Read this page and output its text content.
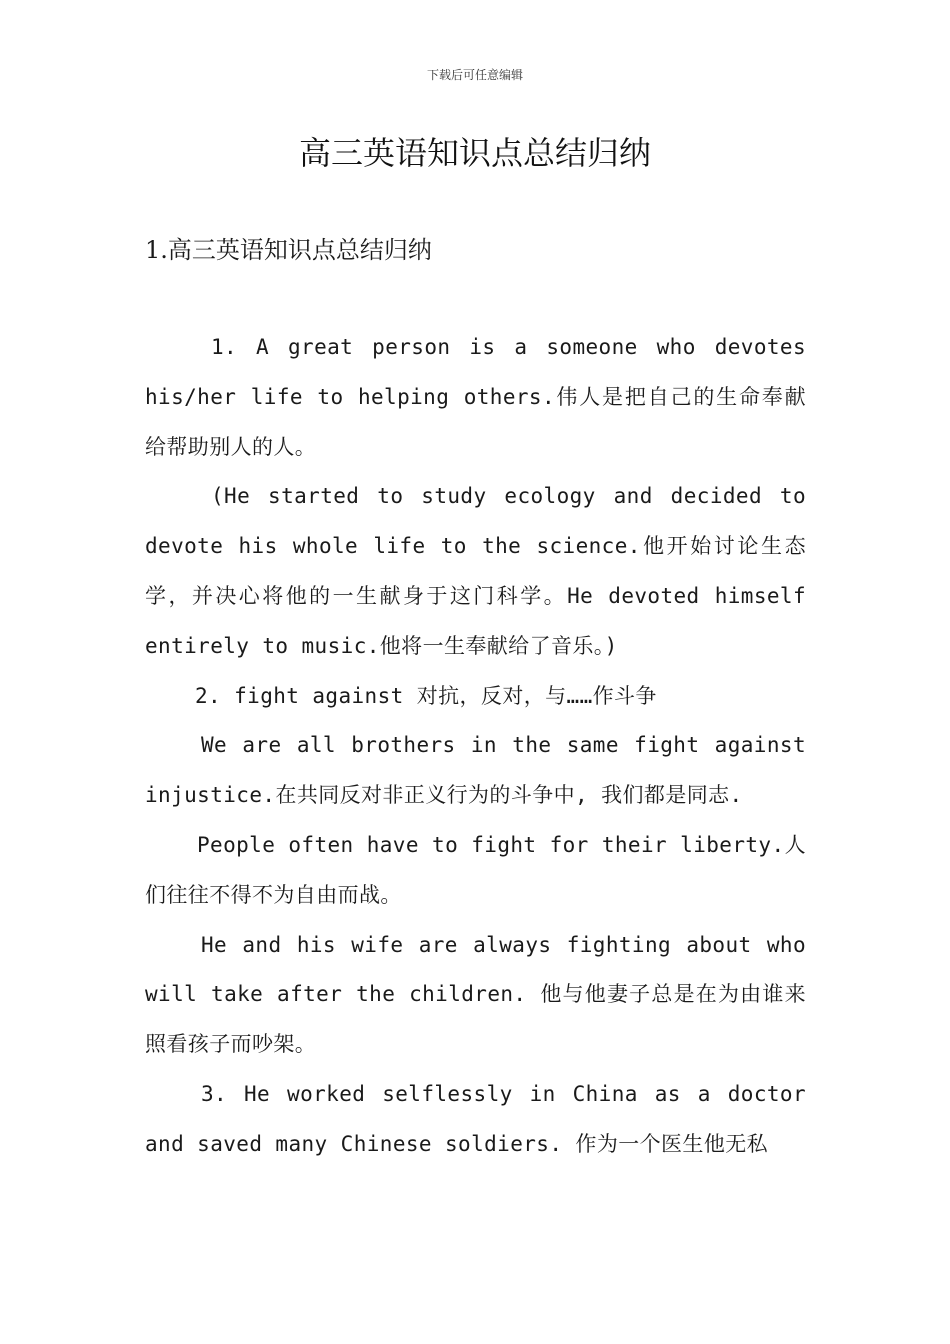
下载后可任意编辑
高三英语知识点总结归纳
1.高三英语知识点总结归纳

1. A great person is a someone who devotes his/her life to helping others.伟人是把自己的生命奉献给帮助别人的人。

(He started to study ecology and decided to devote his whole life to the science.他开始讨论生态学，并决心将他的一生献身于这门科学。He devoted himself entirely to music.他将一生奉献给了音乐。)

2. fight against 对抗，反对，与……作斗争

We are all brothers in the same fight against injustice.在共同反对非正义行为的斗争中, 我们都是同志.

People often have to fight for their liberty.人们往往不得不为自由而战。

He and his wife are always fighting about who will take after the children. 他与他妻子总是在为由谁来照看孩子而吵架。

3. He worked selflessly in China as a doctor and saved many Chinese soldiers. 作为一个医生他无私
